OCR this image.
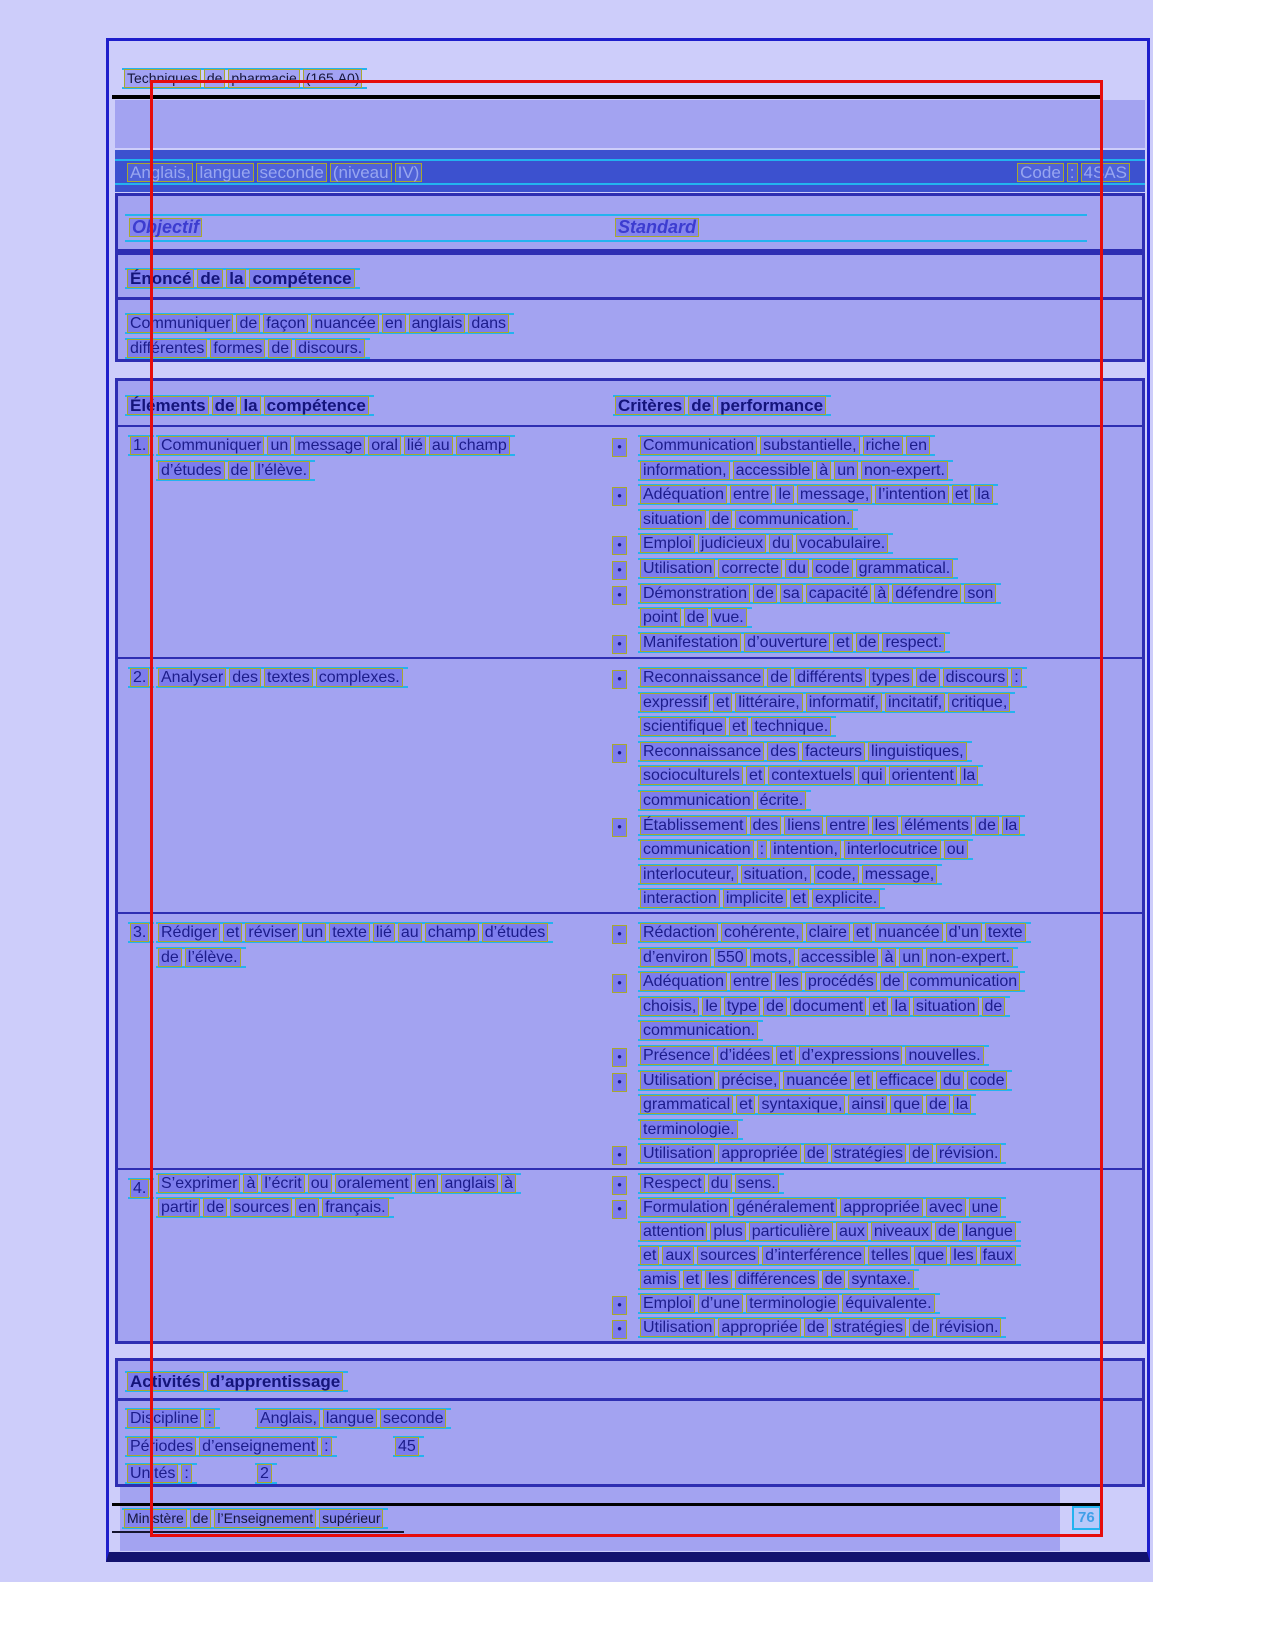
Techniques de pharmacie (165.A0)
Anglais, langue seconde (niveau IV)	Code : 4SAS
Objectif	Standard
Énoncé de la compétence
Communiquer de façon nuancée en anglais dans
différentes formes de discours.
Éléments de la compétence	Critères de performance
1. Communiquer un message oral lié au champ
d’études de l’élève.
•	Communication substantielle, riche en
information, accessible à un non-expert.
•	Adéquation entre le message, l’intention et la
situation de communication.
•	Emploi judicieux du vocabulaire.
•	Utilisation correcte du code grammatical.
•	Démonstration de sa capacité à défendre son
point de vue.
•	Manifestation d’ouverture et de respect.
2. Analyser des textes complexes.	•	Reconnaissance de différents types de discours :
expressif et littéraire, informatif, incitatif, critique,
scientifique et technique.
•	Reconnaissance des facteurs linguistiques,
socioculturels et contextuels qui orientent la
communication écrite.
•	Établissement des liens entre les éléments de la
communication : intention, interlocutrice ou
interlocuteur, situation, code, message,
interaction implicite et explicite.
3. Rédiger et réviser un texte lié au champ d’études
de l’élève.
•	Rédaction cohérente, claire et nuancée d’un texte
d’environ 550 mots, accessible à un non-expert.
•	Adéquation entre les procédés de communication
choisis, le type de document et la situation de
communication.
•	Présence d’idées et d’expressions nouvelles.
•	Utilisation précise, nuancée et efficace du code
grammatical et syntaxique, ainsi que de la
terminologie.
•	Utilisation appropriée de stratégies de révision.
4. S’exprimer à l’écrit ou oralement en anglais à
partir de sources en français.
•	Respect du sens.
•	Formulation généralement appropriée avec une
attention plus particulière aux niveaux de langue
et aux sources d’interférence telles que les faux
amis et les différences de syntaxe.
•	Emploi d’une terminologie équivalente.
•	Utilisation appropriée de stratégies de révision.
Activités d’apprentissage
Discipline :	Anglais, langue seconde
Périodes d’enseignement :	45
Unités :	2
Ministère de l’Enseignement supérieur	76
